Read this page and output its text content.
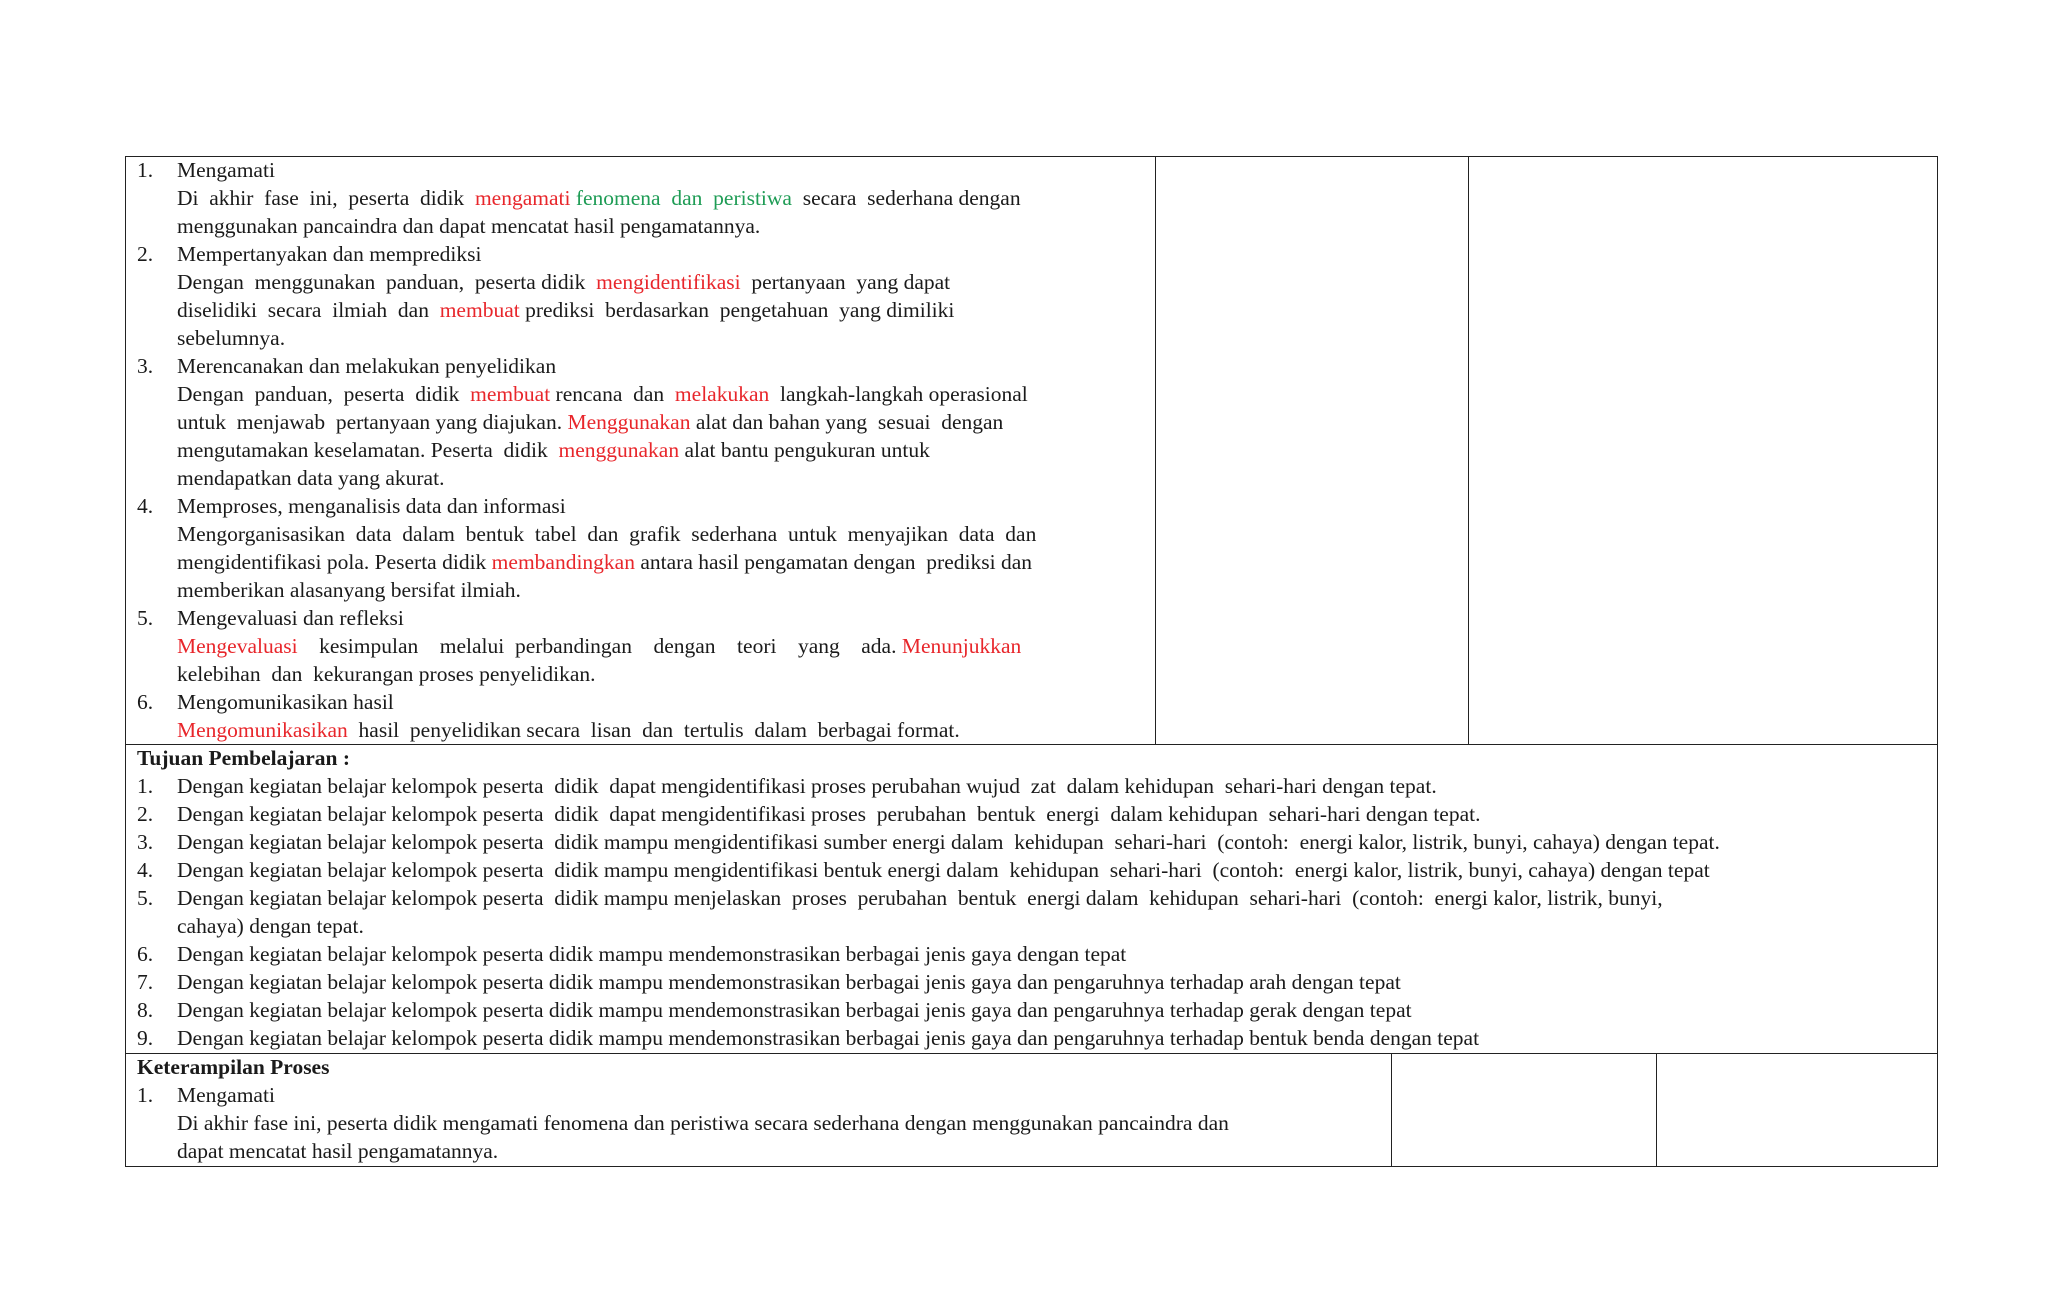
1. Mengamati
Di  akhir  fase  ini,  peserta  didik  mengamati fenomena  dan  peristiwa  secara  sederhana dengan
menggunakan pancaindra dan dapat mencatat hasil pengamatannya.
2. Mempertanyakan dan memprediksi
Dengan  menggunakan  panduan,  peserta didik  mengidentifikasi  pertanyaan  yang dapat
diselidiki  secara  ilmiah  dan  membuat prediksi  berdasarkan  pengetahuan  yang dimiliki
sebelumnya.
3. Merencanakan dan melakukan penyelidikan
Dengan  panduan,  peserta  didik  membuat rencana  dan  melakukan  langkah-langkah operasional
untuk  menjawab  pertanyaan yang diajukan. Menggunakan alat dan bahan yang  sesuai  dengan
mengutamakan keselamatan. Peserta  didik  menggunakan alat bantu pengukuran untuk
mendapatkan data yang akurat.
4. Memproses, menganalisis data dan informasi
Mengorganisasikan  data  dalam  bentuk  tabel  dan  grafik  sederhana  untuk  menyajikan  data  dan
mengidentifikasi pola. Peserta didik membandingkan antara hasil pengamatan dengan  prediksi dan
memberikan alasanyang bersifat ilmiah.
5. Mengevaluasi dan refleksi
Mengevaluasi    kesimpulan    melalui  perbandingan    dengan    teori    yang    ada. Menunjukkan
kelebihan  dan  kekurangan proses penyelidikan.
6. Mengomunikasikan hasil
Mengomunikasikan  hasil  penyelidikan secara  lisan  dan  tertulis  dalam  berbagai format.
Tujuan Pembelajaran :
1. Dengan kegiatan belajar kelompok peserta  didik  dapat mengidentifikasi proses perubahan wujud  zat  dalam kehidupan  sehari-hari dengan tepat.
2. Dengan kegiatan belajar kelompok peserta  didik  dapat mengidentifikasi proses  perubahan  bentuk  energi  dalam kehidupan  sehari-hari dengan tepat.
3. Dengan kegiatan belajar kelompok peserta  didik mampu mengidentifikasi sumber energi dalam  kehidupan  sehari-hari  (contoh:  energi kalor, listrik, bunyi, cahaya) dengan tepat.
4. Dengan kegiatan belajar kelompok peserta  didik mampu mengidentifikasi bentuk energi dalam  kehidupan  sehari-hari  (contoh:  energi kalor, listrik, bunyi, cahaya) dengan tepat
5. Dengan kegiatan belajar kelompok peserta  didik mampu menjelaskan  proses  perubahan  bentuk  energi dalam  kehidupan  sehari-hari  (contoh:  energi kalor, listrik, bunyi,
cahaya) dengan tepat.
6. Dengan kegiatan belajar kelompok peserta didik mampu mendemonstrasikan berbagai jenis gaya dengan tepat
7. Dengan kegiatan belajar kelompok peserta didik mampu mendemonstrasikan berbagai jenis gaya dan pengaruhnya terhadap arah dengan tepat
8. Dengan kegiatan belajar kelompok peserta didik mampu mendemonstrasikan berbagai jenis gaya dan pengaruhnya terhadap gerak dengan tepat
9. Dengan kegiatan belajar kelompok peserta didik mampu mendemonstrasikan berbagai jenis gaya dan pengaruhnya terhadap bentuk benda dengan tepat
Keterampilan Proses
1. Mengamati
Di akhir fase ini, peserta didik mengamati fenomena dan peristiwa secara sederhana dengan menggunakan pancaindra dan
dapat mencatat hasil pengamatannya.
